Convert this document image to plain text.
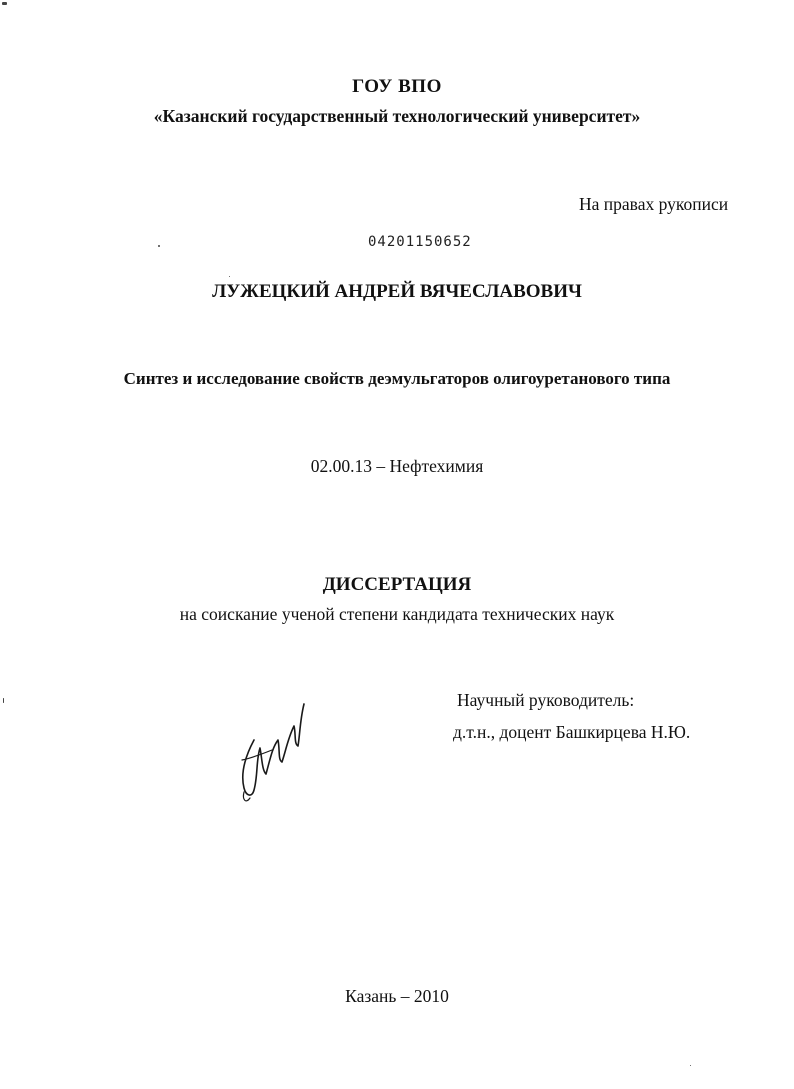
ГОУ ВПО
«Казанский государственный технологический университет»
На правах рукописи
04201150652
ЛУЖЕЦКИЙ АНДРЕЙ ВЯЧЕСЛАВОВИЧ
Синтез и исследование свойств деэмульгаторов олигоуретанового типа
02.00.13 – Нефтехимия
ДИССЕРТАЦИЯ
на соискание ученой степени кандидата технических наук
Научный руководитель:
д.т.н., доцент Башкирцева Н.Ю.
Казань – 2010
